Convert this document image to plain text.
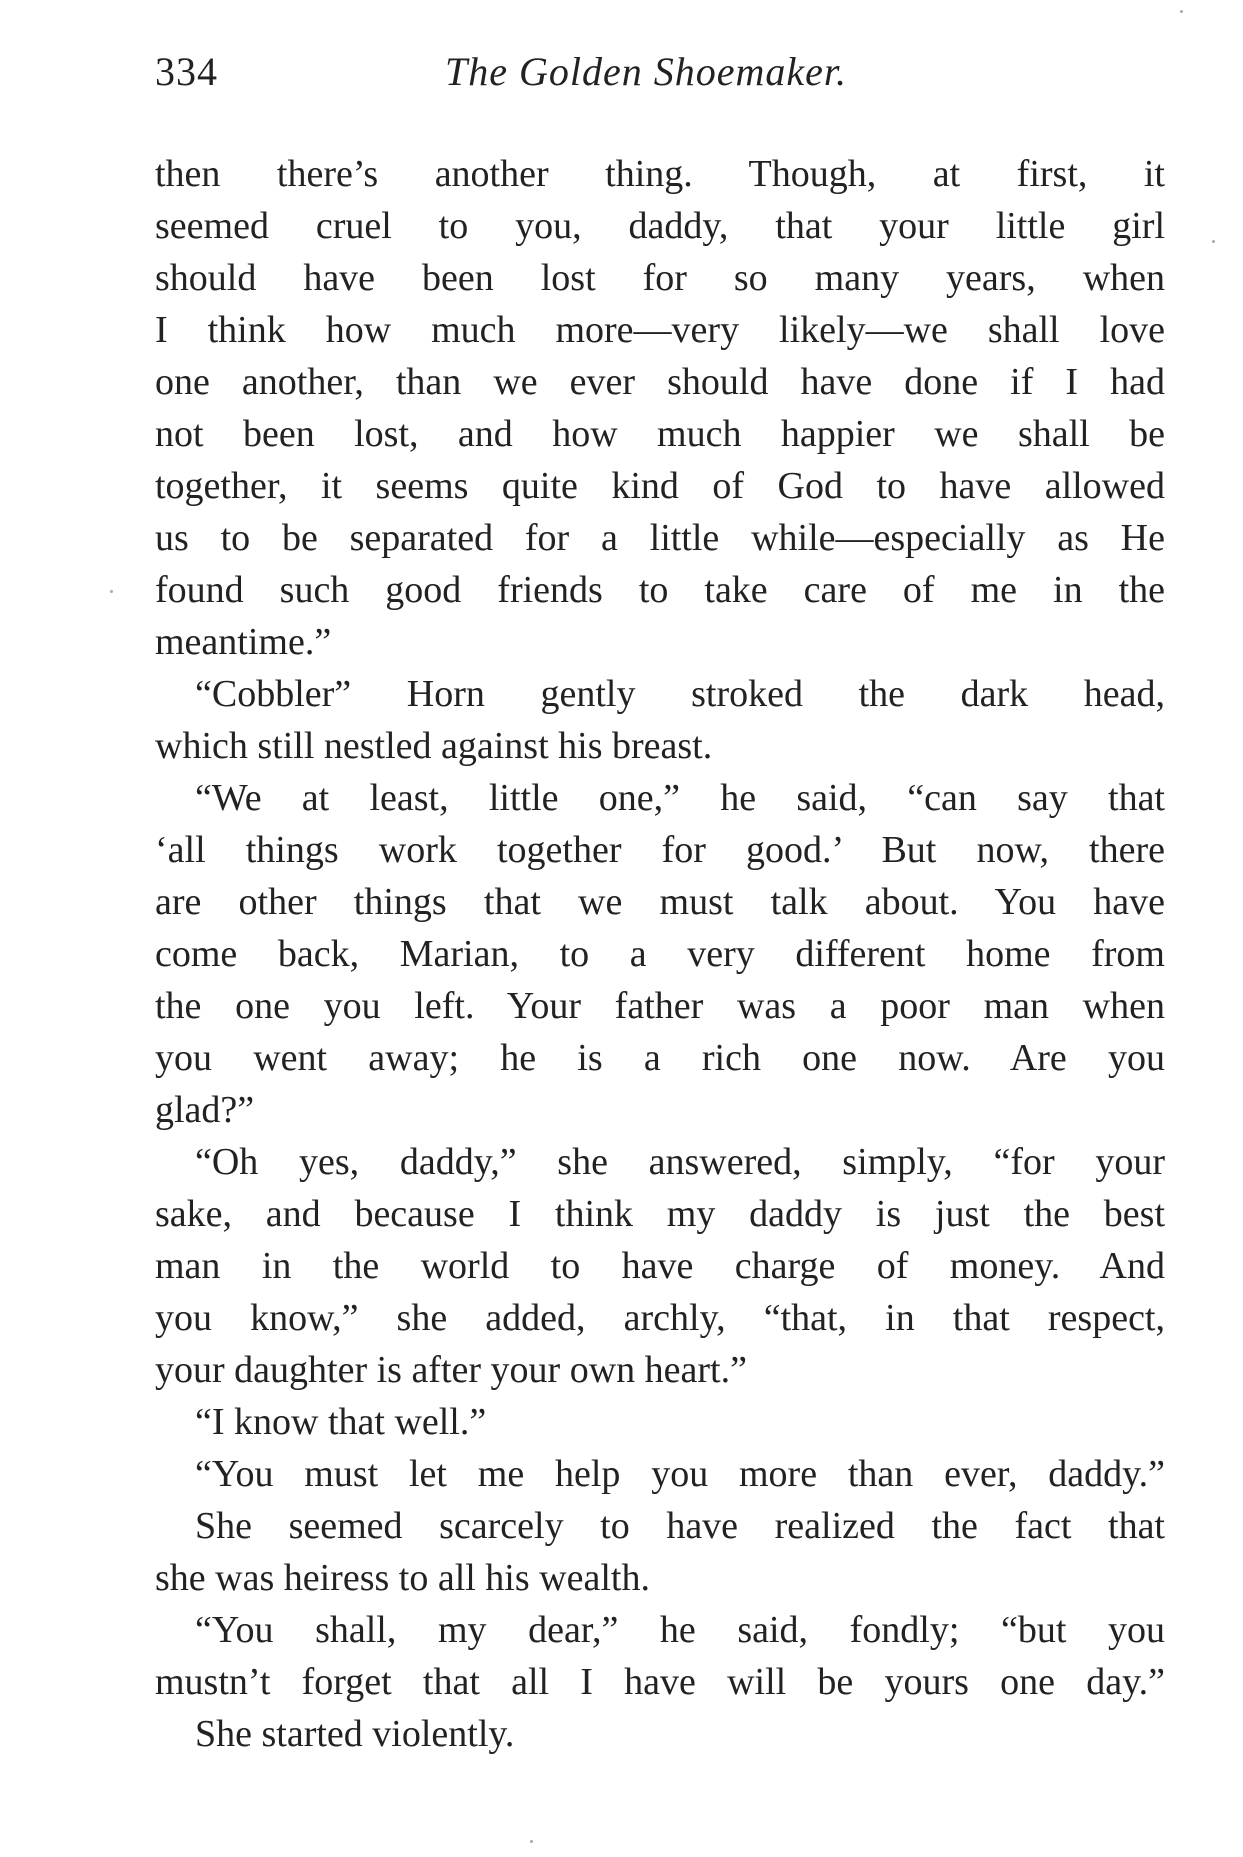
334	The Golden Shoemaker.
then there’s another thing. Though, at first, it
seemed cruel to you, daddy, that your little girl
should have been lost for so many years, when
I think how much more—very likely—we shall love
one another, than we ever should have done if I had
not been lost, and how much happier we shall be
together, it seems quite kind of God to have allowed
us to be separated for a little while—especially as He
found such good friends to take care of me in the
meantime.”
“Cobbler” Horn gently stroked the dark head,
which still nestled against his breast.
“We at least, little one,” he said, “can say that
‘all things work together for good.’ But now, there
are other things that we must talk about. You have
come back, Marian, to a very different home from
the one you left. Your father was a poor man when
you went away; he is a rich one now. Are you
glad?”
“Oh yes, daddy,” she answered, simply, “for your
sake, and because I think my daddy is just the best
man in the world to have charge of money. And
you know,” she added, archly, “that, in that respect,
your daughter is after your own heart.”
“I know that well.”
“You must let me help you more than ever, daddy.”
She seemed scarcely to have realized the fact that
she was heiress to all his wealth.
“You shall, my dear,” he said, fondly; “but you
mustn’t forget that all I have will be yours one day.”
She started violently.
